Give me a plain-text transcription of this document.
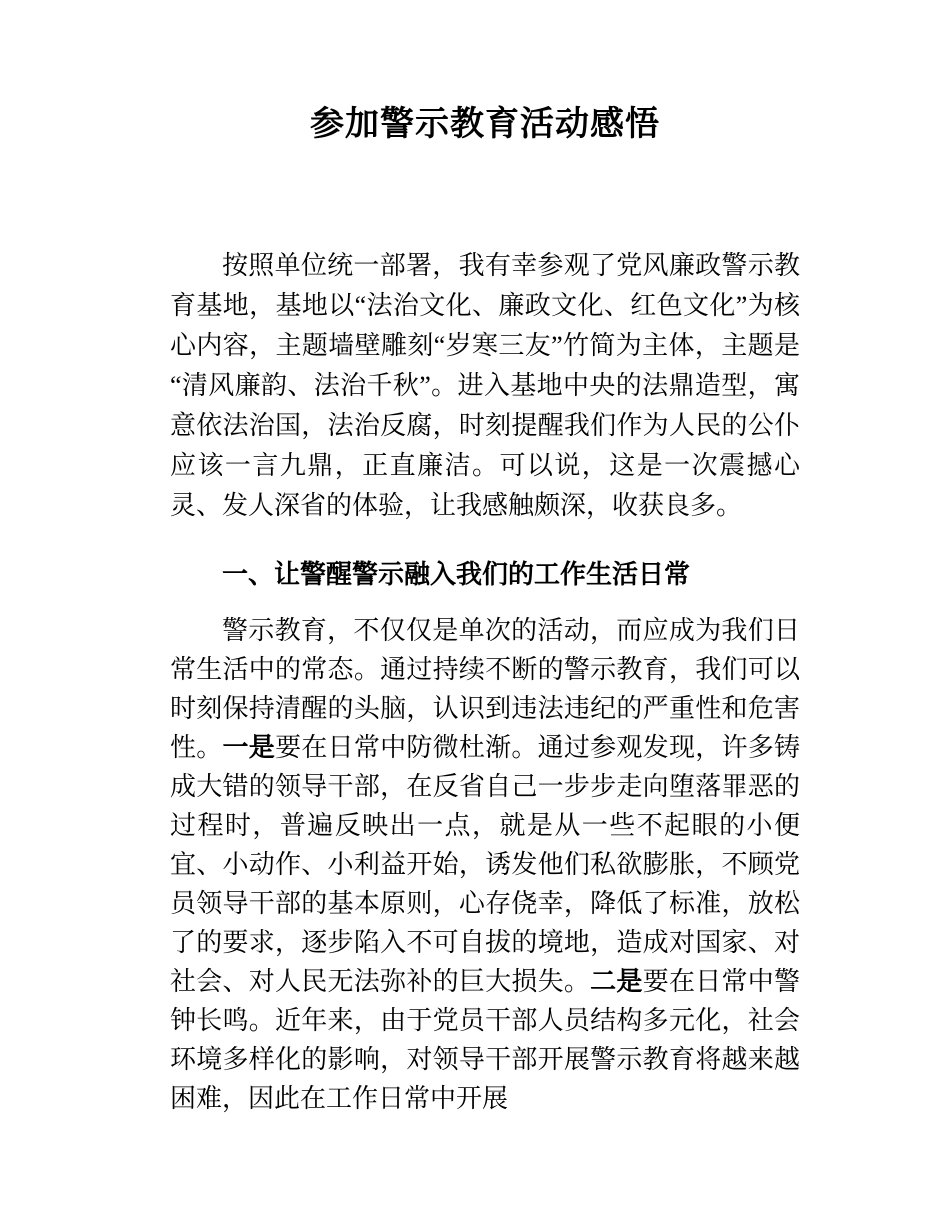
参加警示教育活动感悟

按照单位统一部署，我有幸参观了党风廉政警示教育基地，基地以“法治文化、廉政文化、红色文化”为核心内容，主题墙壁雕刻“岁寒三友”竹简为主体，主题是“清风廉韵、法治千秋”。进入基地中央的法鼎造型，寓意依法治国，法治反腐，时刻提醒我们作为人民的公仆应该一言九鼎，正直廉洁。可以说，这是一次震撼心灵、发人深省的体验，让我感触颇深，收获良多。

一、让警醒警示融入我们的工作生活日常

警示教育，不仅仅是单次的活动，而应成为我们日常生活中的常态。通过持续不断的警示教育，我们可以时刻保持清醒的头脑，认识到违法违纪的严重性和危害性。一是要在日常中防微杜渐。通过参观发现，许多铸成大错的领导干部，在反省自己一步步走向堕落罪恶的过程时，普遍反映出一点，就是从一些不起眼的小便宜、小动作、小利益开始，诱发他们私欲膨胀，不顾党员领导干部的基本原则，心存侥幸，降低了标准，放松了的要求，逐步陷入不可自拔的境地，造成对国家、对社会、对人民无法弥补的巨大损失。二是要在日常中警钟长鸣。近年来，由于党员干部人员结构多元化，社会环境多样化的影响，对领导干部开展警示教育将越来越困难，因此在工作日常中开展
